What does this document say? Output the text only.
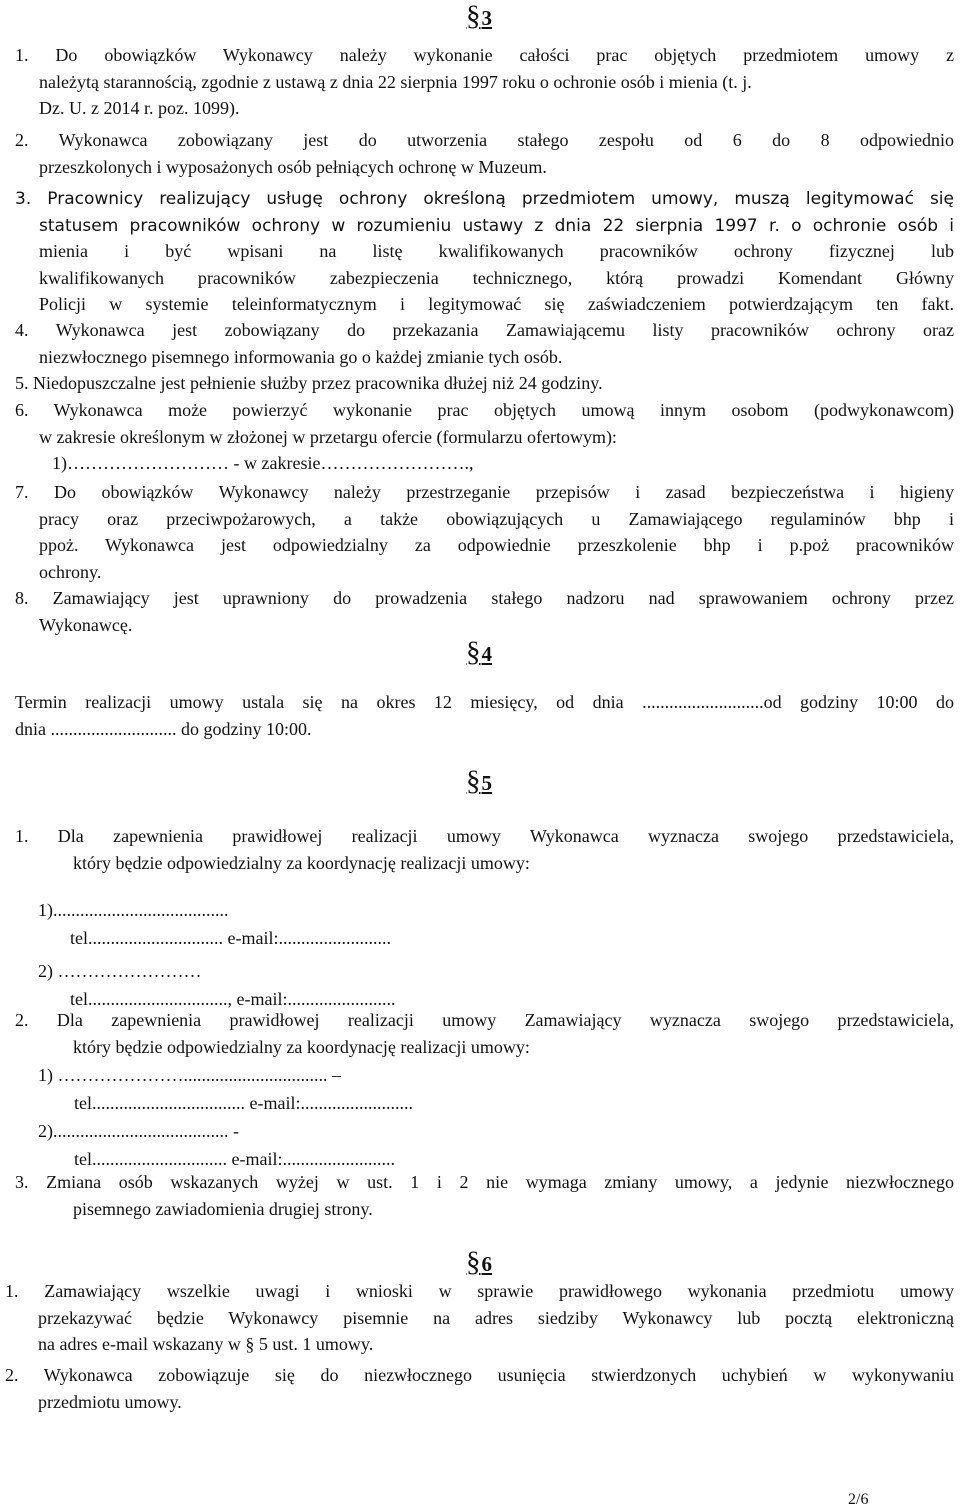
§3
1. Do obowiązków Wykonawcy należy wykonanie całości prac objętych przedmiotem umowy z
należytą starannością, zgodnie z ustawą z dnia 22 sierpnia 1997 roku o ochronie osób i mienia (t. j.
Dz. U. z 2014 r. poz. 1099).
2. Wykonawca zobowiązany jest do utworzenia stałego zespołu od 6 do 8 odpowiednio
przeszkolonych i wyposażonych osób pełniących ochronę w Muzeum.
3. Pracownicy realizujący usługę ochrony określoną przedmiotem umowy, muszą legitymować się
statusem pracowników ochrony w rozumieniu ustawy z dnia 22 sierpnia 1997 r. o ochronie osób i
mienia i być wpisani na listę kwalifikowanych pracowników ochrony fizycznej lub
kwalifikowanych pracowników zabezpieczenia technicznego, którą prowadzi Komendant Główny
Policji w systemie teleinformatycznym i legitymować się zaświadczeniem potwierdzającym ten fakt.
4. Wykonawca jest zobowiązany do przekazania Zamawiającemu listy pracowników ochrony oraz
niezwłocznego pisemnego informowania go o każdej zmianie tych osób.
5. Niedopuszczalne jest pełnienie służby przez pracownika dłużej niż 24 godziny.
6. Wykonawca może powierzyć wykonanie prac objętych umową innym osobom (podwykonawcom)
w zakresie określonym w złożonej w przetargu ofercie (formularzu ofertowym):
1)……………………… - w zakresie…………………….,
7. Do obowiązków Wykonawcy należy przestrzeganie przepisów i zasad bezpieczeństwa i higieny
pracy oraz przeciwpożarowych, a także obowiązujących u Zamawiającego regulaminów bhp i
ppoż. Wykonawca jest odpowiedzialny za odpowiednie przeszkolenie bhp i p.poż pracowników
ochrony.
8. Zamawiający jest uprawniony do prowadzenia stałego nadzoru nad sprawowaniem ochrony przez
Wykonawcę.
§4
Termin realizacji umowy ustala się na okres 12 miesięcy, od dnia ...........................od godziny 10:00 do
dnia ............................ do godziny 10:00.
§5
1. Dla zapewnienia prawidłowej realizacji umowy Wykonawca wyznacza swojego przedstawiciela,
który będzie odpowiedzialny za koordynację realizacji umowy:
1).......................................
tel.............................. e-mail:.........................
2) ……………………
tel..............................., e-mail:........................
2. Dla zapewnienia prawidłowej realizacji umowy Zamawiający wyznacza swojego przedstawiciela,
który będzie odpowiedzialny za koordynację realizacji umowy:
1) …………………................................ –
tel.................................. e-mail:.........................
2)....................................... -
tel.............................. e-mail:.........................
3. Zmiana osób wskazanych wyżej w ust. 1 i 2 nie wymaga zmiany umowy, a jedynie niezwłocznego
pisemnego zawiadomienia drugiej strony.
§6
1. Zamawiający wszelkie uwagi i wnioski w sprawie prawidłowego wykonania przedmiotu umowy
przekazywać będzie Wykonawcy pisemnie na adres siedziby Wykonawcy lub pocztą elektroniczną
na adres e-mail wskazany w § 5 ust. 1 umowy.
2. Wykonawca zobowiązuje się do niezwłocznego usunięcia stwierdzonych uchybień w wykonywaniu
przedmiotu umowy.
2/6
